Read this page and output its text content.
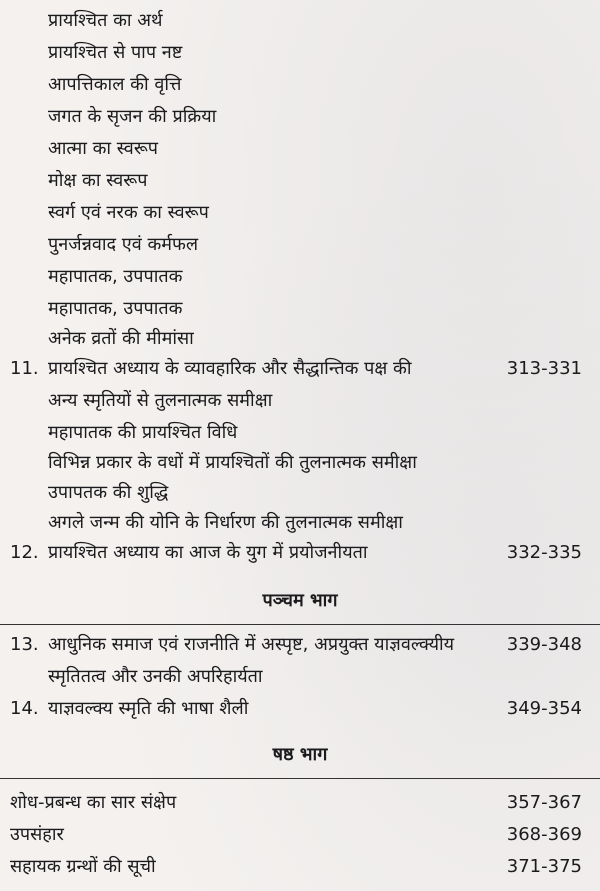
प्रायश्चित का अर्थ
प्रायश्चित से पाप नष्ट
आपत्तिकाल की वृत्ति
जगत के सृजन की प्रक्रिया
आत्मा का स्वरूप
मोक्ष का स्वरूप
स्वर्ग एवं नरक का स्वरूप
पुनर्जन्नवाद एवं कर्मफल
महापातक, उपपातक
महापातक, उपपातक
अनेक व्रतों की मीमांसा
11. प्रायश्चित अध्याय के व्यावहारिक और सैद्धान्तिक पक्ष की	313-331
अन्य स्मृतियों से तुलनात्मक समीक्षा
महापातक की प्रायश्चित विधि
विभिन्न प्रकार के वधों में प्रायश्चितों की तुलनात्मक समीक्षा
उपापतक की शुद्धि
अगले जन्म की योनि के निर्धारण की तुलनात्मक समीक्षा
12. प्रायश्चित अध्याय का आज के युग में प्रयोजनीयता	332-335
पञ्चम भाग
13. आधुनिक समाज एवं राजनीति में अस्पृष्ट, अप्रयुक्त याज्ञवल्क्यीय	339-348
स्मृतितत्व और उनकी अपरिहार्यता
14. याज्ञवल्क्य स्मृति की भाषा शैली	349-354
षष्ठ भाग
शोध-प्रबन्ध का सार संक्षेप	357-367
उपसंहार	368-369
सहायक ग्रन्थों की सूची	371-375
